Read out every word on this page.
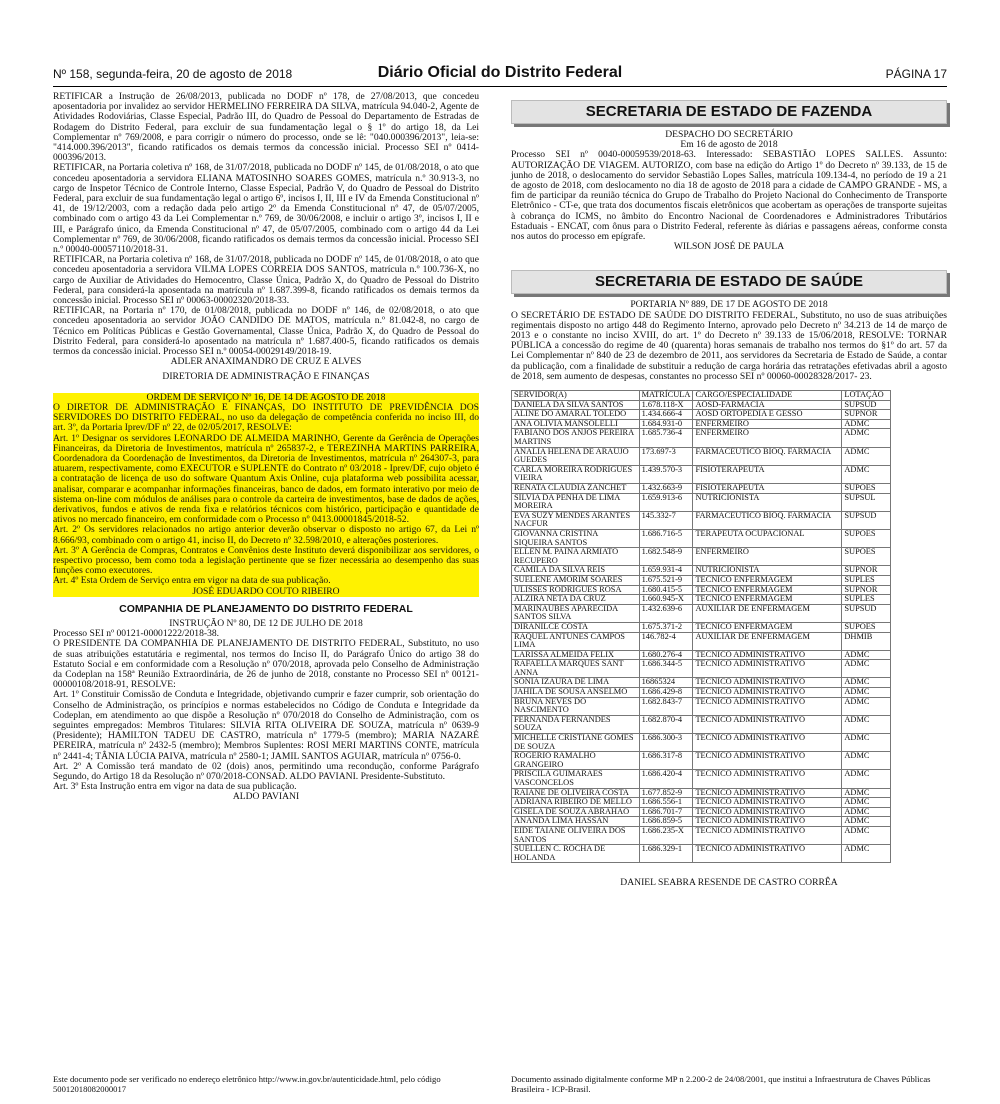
Nº 158, segunda-feira, 20 de agosto de 2018	Diário Oficial do Distrito Federal	PÁGINA 17

RETIFICAR a Instrução de 26/08/2013, publicada no DODF nº 178, de 27/08/2013, que concedeu aposentadoria por invalidez ao servidor HERMELINO FERREIRA DA SILVA, matrícula 94.040-2, Agente de Atividades Rodoviárias, Classe Especial, Padrão III, do Quadro de Pessoal do Departamento de Estradas de Rodagem do Distrito Federal, para excluir de sua fundamentação legal o § 1º do artigo 18, da Lei Complementar nº 769/2008, e para corrigir o número do processo, onde se lê: "040.000396/2013", leia-se: "414.000.396/2013", ficando ratificados os demais termos da concessão inicial. Processo SEI nº 0414-000396/2013.

RETIFICAR, na Portaria coletiva nº 168, de 31/07/2018, publicada no DODF nº 145, de 01/08/2018, o ato que concedeu aposentadoria a servidora ELIANA MATOSINHO SOARES GOMES, matrícula n.º 30.913-3, no cargo de Inspetor Técnico de Controle Interno, Classe Especial, Padrão V, do Quadro de Pessoal do Distrito Federal, para excluir de sua fundamentação legal o artigo 6º, incisos I, II, III e IV da Emenda Constitucional nº 41, de 19/12/2003, com a redação dada pelo artigo 2º da Emenda Constitucional nº 47, de 05/07/2005, combinado com o artigo 43 da Lei Complementar n.º 769, de 30/06/2008, e incluir o artigo 3º, incisos I, II e III, e Parágrafo único, da Emenda Constitucional nº 47, de 05/07/2005, combinado com o artigo 44 da Lei Complementar nº 769, de 30/06/2008, ficando ratificados os demais termos da concessão inicial. Processo SEI n.º 00040-00057110/2018-31.

RETIFICAR, na Portaria coletiva nº 168, de 31/07/2018, publicada no DODF nº 145, de 01/08/2018, o ato que concedeu aposentadoria a servidora VILMA LOPES CORREIA DOS SANTOS, matrícula n.º 100.736-X, no cargo de Auxiliar de Atividades do Hemocentro, Classe Única, Padrão X, do Quadro de Pessoal do Distrito Federal, para considerá-la aposentada na matrícula nº 1.687.399-8, ficando ratificados os demais termos da concessão inicial. Processo SEI nº 00063-00002320/2018-33.

RETIFICAR, na Portaria nº 170, de 01/08/2018, publicada no DODF nº 146, de 02/08/2018, o ato que concedeu aposentadoria ao servidor JOÃO CANDIDO DE MATOS, matrícula n.º 81.042-8, no cargo de Técnico em Políticas Públicas e Gestão Governamental, Classe Única, Padrão X, do Quadro de Pessoal do Distrito Federal, para considerá-lo aposentado na matrícula nº 1.687.400-5, ficando ratificados os demais termos da concessão inicial. Processo SEI n.º 00054-00029149/2018-19.

ADLER ANAXIMANDRO DE CRUZ E ALVES

DIRETORIA DE ADMINISTRAÇÃO E FINANÇAS

ORDEM DE SERVIÇO Nº 16, DE 14 DE AGOSTO DE 2018

O DIRETOR DE ADMINISTRAÇÃO E FINANÇAS, DO INSTITUTO DE PREVIDÊNCIA DOS SERVIDORES DO DISTRITO FEDERAL, no uso da delegação de competência conferida no inciso III, do art. 3º, da Portaria Iprev/DF nº 22, de 02/05/2017, RESOLVE:

Art. 1º Designar os servidores LEONARDO DE ALMEIDA MARINHO, Gerente da Gerência de Operações Financeiras, da Diretoria de Investimentos, matrícula nº 265837-2, e TEREZINHA MARTINS PARREIRA, Coordenadora da Coordenação de Investimentos, da Diretoria de Investimentos, matrícula nº 264307-3, para atuarem, respectivamente, como EXECUTOR e SUPLENTE do Contrato nº 03/2018 - Iprev/DF, cujo objeto é a contratação de licença de uso do software Quantum Axis Online, cuja plataforma web possibilita acessar, analisar, comparar e acompanhar informações financeiras, banco de dados, em formato interativo por meio de sistema on-line com módulos de análises para o controle da carteira de investimentos, base de dados de ações, derivativos, fundos e ativos de renda fixa e relatórios técnicos com histórico, participação e quantidade de ativos no mercado financeiro, em conformidade com o Processo nº 0413.00001845/2018-52.

Art. 2º Os servidores relacionados no artigo anterior deverão observar o disposto no artigo 67, da Lei nº 8.666/93, combinado com o artigo 41, inciso II, do Decreto nº 32.598/2010, e alterações posteriores.

Art. 3º A Gerência de Compras, Contratos e Convênios deste Instituto deverá disponibilizar aos servidores, o respectivo processo, bem como toda a legislação pertinente que se fizer necessária ao desempenho das suas funções como executores.

Art. 4º Esta Ordem de Serviço entra em vigor na data de sua publicação.

JOSÉ EDUARDO COUTO RIBEIRO

COMPANHIA DE PLANEJAMENTO DO DISTRITO FEDERAL

INSTRUÇÃO Nº 80, DE 12 DE JULHO DE 2018

Processo SEI nº 00121-00001222/2018-38.

O PRESIDENTE DA COMPANHIA DE PLANEJAMENTO DE DISTRITO FEDERAL, Substituto, no uso de suas atribuições estatutária e regimental, nos termos do Inciso II, do Parágrafo Único do artigo 38 do Estatuto Social e em conformidade com a Resolução nº 070/2018, aprovada pelo Conselho de Administração da Codeplan na 158ª Reunião Extraordinária, de 26 de junho de 2018, constante no Processo SEI nº 00121-00000108/2018-91, RESOLVE:

Art. 1º Constituir Comissão de Conduta e Integridade, objetivando cumprir e fazer cumprir, sob orientação do Conselho de Administração, os princípios e normas estabelecidos no Código de Conduta e Integridade da Codeplan, em atendimento ao que dispõe a Resolução nº 070/2018 do Conselho de Administração, com os seguintes empregados: Membros Titulares: SILVIA RITA OLIVEIRA DE SOUZA, matrícula nº 0639-9 (Presidente); HAMILTON TADEU DE CASTRO, matrícula nº 1779-5 (membro); MARIA NAZARÉ PEREIRA, matrícula nº 2432-5 (membro); Membros Suplentes: ROSI MERI MARTINS CONTE, matrícula nº 2441-4; TÂNIA LÚCIA PAIVA, matrícula nº 2580-1; JAMIL SANTOS AGUIAR, matrícula nº 0756-0.

Art. 2º A Comissão terá mandato de 02 (dois) anos, permitindo uma recondução, conforme Parágrafo Segundo, do Artigo 18 da Resolução nº 070/2018-CONSAD. ALDO PAVIANI. Presidente-Substituto.

Art. 3º Esta Instrução entra em vigor na data de sua publicação.

ALDO PAVIANI

SECRETARIA DE ESTADO DE FAZENDA

DESPACHO DO SECRETÁRIO

Em 16 de agosto de 2018

Processo SEI nº 0040-00059539/2018-63. Interessado: SEBASTIÃO LOPES SALLES. Assunto: AUTORIZAÇÃO DE VIAGEM. AUTORIZO, com base na edição do Artigo 1º do Decreto nº 39.133, de 15 de junho de 2018, o deslocamento do servidor Sebastião Lopes Salles, matrícula 109.134-4, no período de 19 a 21 de agosto de 2018, com deslocamento no dia 18 de agosto de 2018 para a cidade de CAMPO GRANDE - MS, a fim de participar da reunião técnica do Grupo de Trabalho do Projeto Nacional do Conhecimento de Transporte Eletrônico - CT-e, que trata dos documentos fiscais eletrônicos que acobertam as operações de transporte sujeitas à cobrança do ICMS, no âmbito do Encontro Nacional de Coordenadores e Administradores Tributários Estaduais - ENCAT, com ônus para o Distrito Federal, referente às diárias e passagens aéreas, conforme consta nos autos do processo em epígrafe.

WILSON JOSÉ DE PAULA

SECRETARIA DE ESTADO DE SAÚDE

PORTARIA Nº 889, DE 17 DE AGOSTO DE 2018

O SECRETÁRIO DE ESTADO DE SAÚDE DO DISTRITO FEDERAL, Substituto, no uso de suas atribuições regimentais disposto no artigo 448 do Regimento Interno, aprovado pelo Decreto nº 34.213 de 14 de março de 2013 e o constante no inciso XVIII, do art. 1º do Decreto nº 39.133 de 15/06/2018, RESOLVE: TORNAR PÚBLICA a concessão do regime de 40 (quarenta) horas semanais de trabalho nos termos do §1º do art. 57 da Lei Complementar nº 840 de 23 de dezembro de 2011, aos servidores da Secretaria de Estado de Saúde, a contar da publicação, com a finalidade de substituir a redução de carga horária das retratações efetivadas abril a agosto de 2018, sem aumento de despesas, constantes no processo SEI nº 00060-00028328/2017- 23.

SERVIDOR(A)	MATRÍCULA	CARGO/ESPECIALIDADE	LOTAÇÃO
DANIELA DA SILVA SANTOS	1.678.118-X	AOSD-FARMACIA	SUPSUD
ALINE DO AMARAL TOLEDO	1.434.666-4	AOSD ORTOPEDIA E GESSO	SUPNOR
ANA OLIVIA MANSOLELLI	1.684.931-0	ENFERMEIRO	ADMC
FABIANO DOS ANJOS PEREIRA MARTINS	1.685.736-4	ENFERMEIRO	ADMC
ANALIA HELENA DE ARAUJO GUEDES	173.697-3	FARMACEUTICO BIOQ. FARMACIA	ADMC
CARLA MOREIRA RODRIGUES VIEIRA	1.439.570-3	FISIOTERAPEUTA	ADMC
RENATA CLAUDIA ZANCHET	1.432.663-9	FISIOTERAPEUTA	SUPOES
SILVIA DA PENHA DE LIMA MOREIRA	1.659.913-6	NUTRICIONISTA	SUPSUL
EVA SUZY MENDES ARANTES NACFUR	145.332-7	FARMACEUTICO BIOQ. FARMACIA	SUPSUD
GIOVANNA CRISTINA SIQUEIRA SANTOS	1.686.716-5	TERAPEUTA OCUPACIONAL	SUPOES
ELLEN M. PAINA ARMIATO RECUPERO	1.682.548-9	ENFERMEIRO	SUPOES
CAMILA DA SILVA REIS	1.659.931-4	NUTRICIONISTA	SUPNOR
SUELENE AMORIM SOARES	1.675.521-9	TECNICO ENFERMAGEM	SUPLES
ULISSES RODRIGUES ROSA	1.680.415-5	TECNICO ENFERMAGEM	SUPNOR
ALZIRA NETA DA CRUZ	1.660.945-X	TECNICO ENFERMAGEM	SUPLES
MARINAUBES APARECIDA SANTOS SILVA	1.432.639-6	AUXILIAR DE ENFERMAGEM	SUPSUD
DIRANILCE COSTA	1.675.371-2	TECNICO ENFERMAGEM	SUPOES
RAQUEL ANTUNES CAMPOS LIMA	146.782-4	AUXILIAR DE ENFERMAGEM	DHMIB
LARISSA ALMEIDA FELIX	1.680.276-4	TECNICO ADMINISTRATIVO	ADMC
RAFAELLA MARQUES SANT ANNA	1.686.344-5	TECNICO ADMINISTRATIVO	ADMC
SONIA IZAURA DE LIMA	16865324	TECNICO ADMINISTRATIVO	ADMC
JAHILA DE SOUSA ANSELMO	1.686.429-8	TECNICO ADMINISTRATIVO	ADMC
BRUNA NEVES DO NASCIMENTO	1.682.843-7	TECNICO ADMINISTRATIVO	ADMC
FERNANDA FERNANDES SOUZA	1.682.870-4	TECNICO ADMINISTRATIVO	ADMC
MICHELLE CRISTIANE GOMES DE SOUZA	1.686.300-3	TECNICO ADMINISTRATIVO	ADMC
ROGERIO RAMALHO GRANGEIRO	1.686.317-8	TECNICO ADMINISTRATIVO	ADMC
PRISCILA GUIMARAES VASCONCELOS	1.686.420-4	TECNICO ADMINISTRATIVO	ADMC
RAIANE DE OLIVEIRA COSTA	1.677.852-9	TECNICO ADMINISTRATIVO	ADMC
ADRIANA RIBEIRO DE MELLO	1.686.556-1	TECNICO ADMINISTRATIVO	ADMC
GISELA DE SOUZA ABRAHAO	1.686.701-7	TECNICO ADMINISTRATIVO	ADMC
ANANDA LIMA HASSAN	1.686.859-5	TECNICO ADMINISTRATIVO	ADMC
EIDE TAIANE OLIVEIRA DOS SANTOS	1.686.235-X	TECNICO ADMINISTRATIVO	ADMC
SUELLEN C. ROCHA DE HOLANDA	1.686.329-1	TECNICO ADMINISTRATIVO	ADMC

DANIEL SEABRA RESENDE DE CASTRO CORRÊA

Este documento pode ser verificado no endereço eletrônico http://www.in.gov.br/autenticidade.html, pelo código 50012018082000017
Documento assinado digitalmente conforme MP n 2.200-2 de 24/08/2001, que institui a Infraestrutura de Chaves Públicas Brasileira - ICP-Brasil.
